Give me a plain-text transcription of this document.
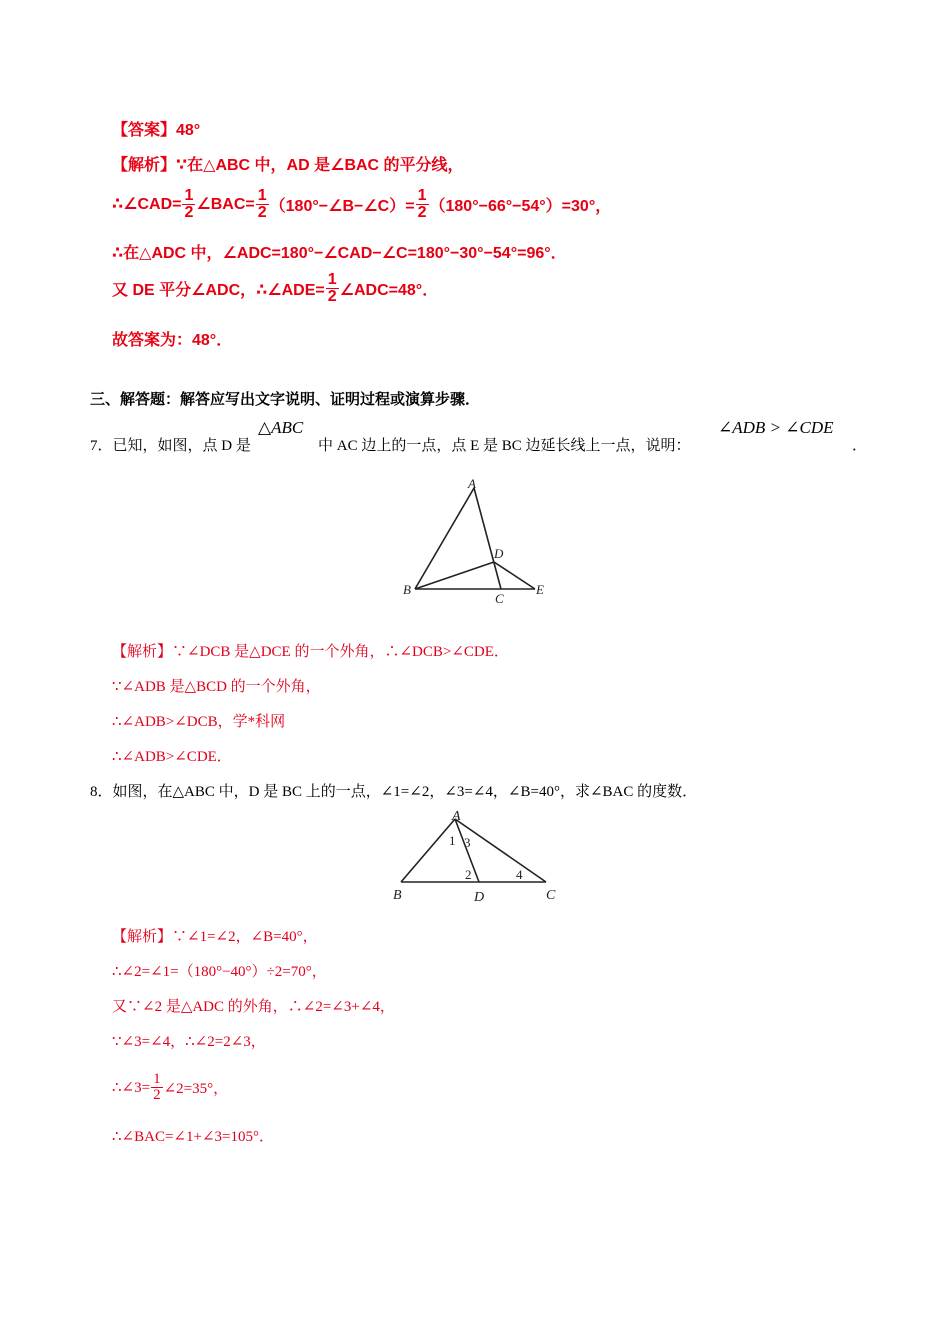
【答案】48°
【解析】∵在△ABC 中，AD 是∠BAC 的平分线，
∴∠CAD= $\frac{1}{2}$ ∠BAC= $\frac{1}{2}$ （180°−∠B−∠C）= $\frac{1}{2} (180^\circ-66^\circ-54^\circ)=30^\circ$，
∴在△ADC 中，∠ADC=180°−∠CAD−∠C=180°−30°−54°=96°．
又 DE 平分∠ADC，∴∠ADE= $\frac{1}{2}$ ∠ADC=48°．
故答案为：48°．
三、解答题：解答应写出文字说明、证明过程或演算步骤．
7．已知，如图，点 D 是
△ABC
中 AC 边上的一点，点 E 是 BC 边延长线上一点，说明：
∠ADB > ∠CDE
．
A
B
C
D
E
【解析】∵∠DCB 是△DCE 的一个外角，∴∠DCB>∠CDE．
∵∠ADB 是△BCD 的一个外角，
∴∠ADB>∠DCB，学*科网
∴∠ADB>∠CDE．
8．如图，在△ABC 中，D 是 BC 上的一点，∠1=∠2，∠3=∠4，∠B=40°，求∠BAC 的度数．
A
B	D	C
1 3
2	4
【解析】∵∠1=∠2，∠B=40°，
∴∠2=∠1=（180°−40°）÷2=70°，
又∵∠2 是△ADC 的外角，∴∠2=∠3+∠4，
∵∠3=∠4，∴∠2=2∠3，
∴∠3= $\frac{1}{2}$ ∠2=35°，
∴∠BAC=∠1+∠3=105°．
